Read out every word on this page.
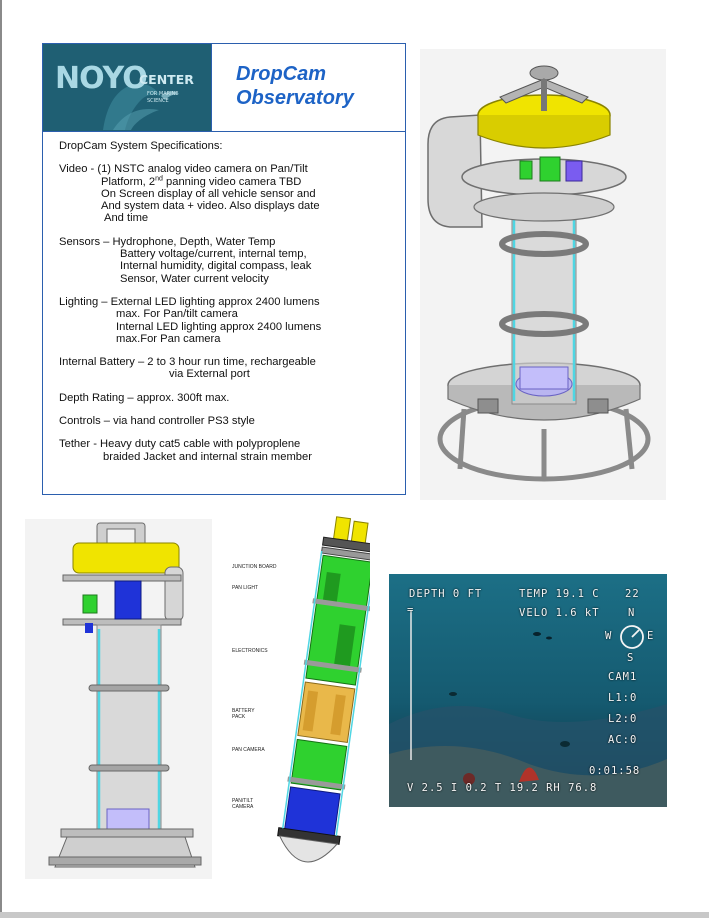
NOYO
CENTER
FOR MARINE
SCIENCE
DropCam
Observatory

DropCam System Specifications:

Video - (1) NSTC analog video camera on Pan/Tilt

Platform, 2nd panning video camera TBD

On Screen display of all vehicle sensor and

And system data + video. Also displays date

And time

Sensors – Hydrophone, Depth, Water Temp

Battery voltage/current, internal temp,

Internal humidity, digital compass, leak

Sensor, Water current velocity

Lighting – External LED lighting approx 2400 lumens

max. For Pan/tilt camera

Internal LED lighting approx 2400 lumens

max.For Pan camera

Internal Battery – 2 to 3 hour run time, rechargeable

via External port

Depth Rating – approx. 300ft max.

Controls – via hand controller PS3 style

Tether - Heavy duty cat5 cable with polyproplene

braided Jacket and internal strain member

JUNCTION BOARD
PAN LIGHT
ELECTRONICS
BATTERY
PACK
PAN CAMERA
PAN/TILT
CAMERA
DEPTH 0 FT	TEMP 19.1 C 22
VELO 1.6 kT
=	N
W	E
S
CAM1
L1:0
L2:0
AC:0
0:01:58
V 2.5 I 0.2 T 19.2 RH 76.8
